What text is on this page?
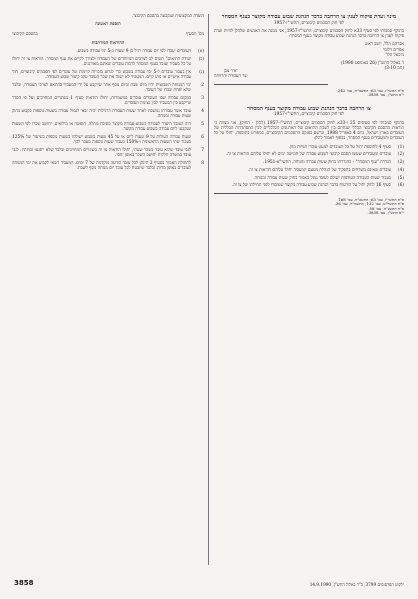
מינוי ועדת פיקוח לענין צו הרחבה בדבר הנהגת שבוע עבודה מקוצר בענף המסחר

לפי חוק הסכמים קיבוציים, התשי"ז-1957

בתוקף סמכותי לפי סעיף 33א לחוק הסכמים קיבוציים, התשי"ז-1957, אני ממנה את האנשים שלהלן להיות ועדת פיקוח לענין צו הרחבה בדבר הנהגת שבוע עבודה מקוצר בענף המסחר:

אברהם הלל, יושב ראש
אפרים דלומי
מיכאל הלר
ו' באלול התש"ן (26 באוגוסט 1990)
(חמ 3-10)
יאיר צבן
שר העבודה והרווחה
ס"ח התשי"ז, עמ' 63; התשמ"ח, עמ' 242.
י"פ התש"ן, עמ' 3858.
צו הרחבה בדבר הנהגת שבוע עבודה מקוצר בענף המסחר

לפי חוק הסכמים קיבוציים, התשי"ז-1957

בתוקף סמכותי לפי סעיפים 25 ו-33א לחוק הסכמים קיבוציים, התשי"ז-1957 (להלן - החוק), אני מצווה כי הוראות ההסכם הקיבוצי הכללי שנחתם בין לשכת התיאום של הארגונים הכלכליים לבין ההסתדרות הכללית של העובדים בארץ ישראל, ביום 4 באפריל 1988, ונרשם בפנקס ההסכמים הקיבוציים, כמפורט בתוספת, יחולו על כל העובדים והמעבידים בענף המסחר, בכפוף לאמור להלן:

(1)
סעיף 4 לתוספת יחול על כל העובדים למעט עובדי חנויות מזון.
(2)
עובדים ומעבידים שעשו הסכם קיבוצי לשבוע עבודה של חמישה ימים לא יחולו עליהם הוראות צו זה.
(3)
הגדרת "ענף המסחר" - כהגדרתו בחוק שעות עבודה ומנוחה, התשי"א-1951.
(4)
עובדים שאינם משרתים בתפקיד של הנהלה מטעם המעביד יחולו עליהם הוראות צו זה.
(5)
בעבור שעות העבודה העודפות ישולם לעובד גמול כאמור בחוק שעות עבודה ומנוחה.
(6)
סעיף 16 לחוק יחול על הודעות בדבר הנהגת שבוע עבודה מקוצר שנמסרו לפני תחילתו של צו זה.
ס"ח התשי"ז, עמ' 63; התשכ"ח, עמ' 168.
ס"ח התשל"ט, עמ' 132; התשמ"ח, עמ' 36.
ס"ח התשנ"ח, עמ' 58.
י"פ התש"ן, עמ' 3858.

הועדה המקצועית שנקבעה בהסכם הקיבוצי.

תוספת ראשונה

מס' הסעיף
בהסכם הקיבוצי

ההוראות המורחבות

(א)
העובדים יעבדו לפי יום עבודה רגיל בן 9 שעות ב-5 ימי עבודה בשבוע.
(ב)
יעודת התיאום" תשים לב לצרכים המיוחדים של העבודה ולצורך לקיים את ענף המסחר. הוראות צו זה יחולו על כל מעביד ועובד בענף המסחר לרבות עובדים שאינם מאורגנים.
(ג)
אין בעבור עובדים ל-5 ימי עבודה בשבוע כדי לגרוע בזכויות קיימות של עובדים לפי הסכמים קיבוציים, חוזי עבודה אישיים או נוהג קיים. המעביד לא ישנה את שכר העובד עקב קיצור שבוע העבודה.
2
ימי המנוחה השבועית יהיו ביום שבת וביום נוסף אחר שייקבע על ידי המעביד בהתאם לצרכי העבודה, ובלבד שלא יפחת שכרו של העובד.
3
במקום עבודה שבו העובדים עובדים במשמרות, יחולו הוראות סעיף 1 בשינויים המחויבים ועל פי הסדר שייקבע בין המעביד לבין נציגות העובדים.
4
עובד אשר עבודתו נמשכת לאחר שעות העבודה הרגילות יהיה זכאי לגמול עבודה בשעות נוספות כקבוע בחוק שעות עבודה ומנוחה.
5
היה העובד היעדר לעבודה בשבוע עבודה מקוצר מסיבת מחלה, חופשה או מילואים, יחושב שכרו לפי השעות שנקבעו ליום עבודה בשבוע עבודה מקוצר.
6
שעות עבודה העולות על 9 שעות ליום או על 45 שעות בשבוע ישולמו כשעות נוספות בשיעור של 125% בעבור שתי השעות הראשונות ו-150% בעבור שעות נוספות מעבר לכך.
7
לגבי עובד שהוא עובד בשכר שעתי, יחולו הוראות צו זה בשינויים המחויבים ובלבד שלא ייפגעו זכויותיו. לגבי עובד במשרה חלקית יחושב השכר באופן יחסי.
8
לתחולת האמור בסעיף 2 תינתן לכל עובד הודעה מוקדמת של 7 ימים. המעביד רשאי לקבוע את ימי המנוחה לעובדים באופן מדורג ובלבד שיובטח לכל עובד יום מנוחה נוסף לשבת.
ילקוט הפרסומים 3799, ב"ד באלול התש"ן, 14.9.1990
3858
